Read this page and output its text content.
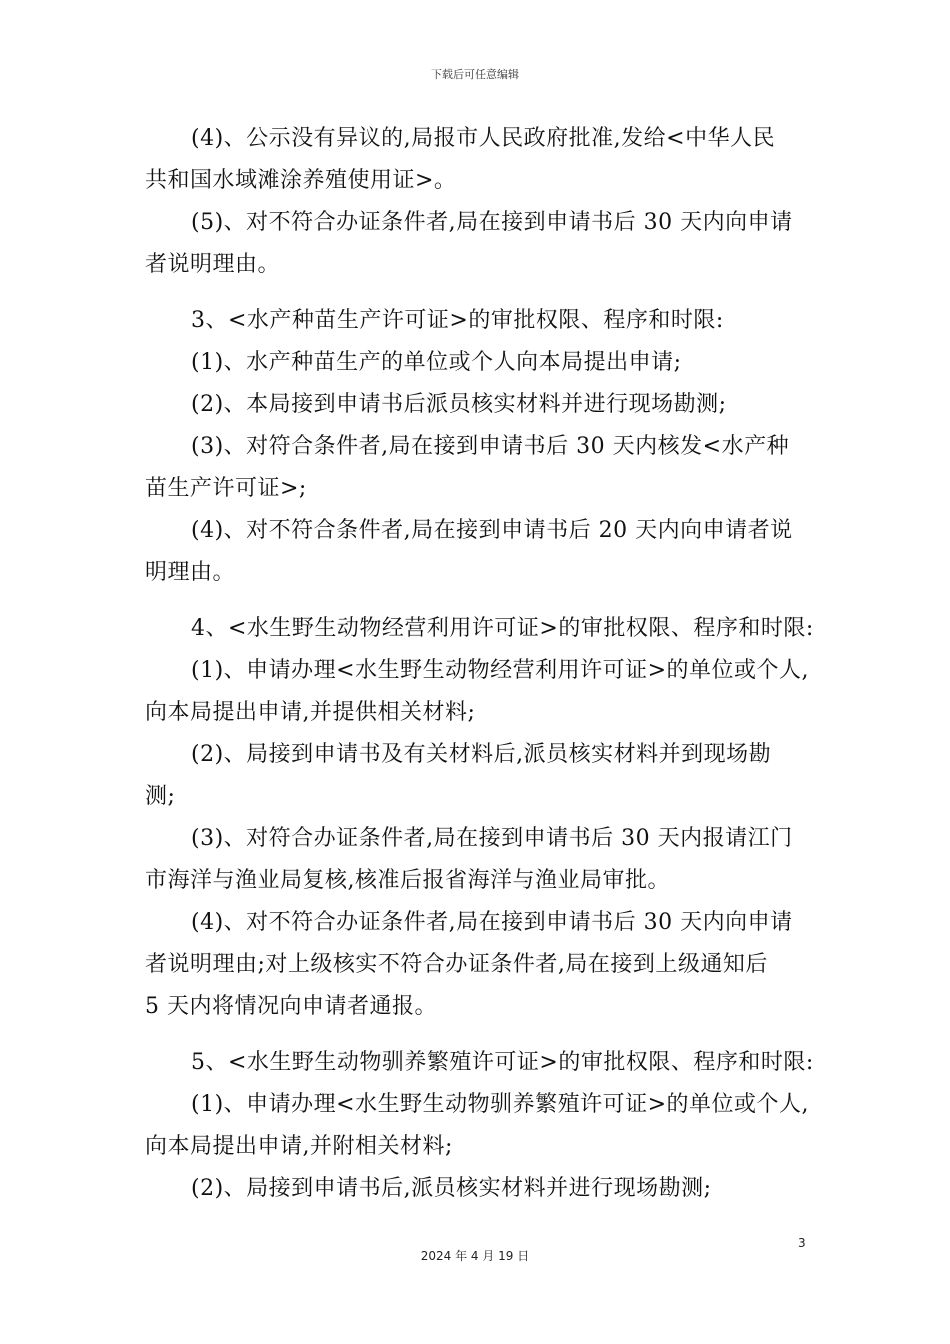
下载后可任意编辑
(4)、公示没有异议的,局报市人民政府批准,发给<中华人民
共和国水域滩涂养殖使用证>。
(5)、对不符合办证条件者,局在接到申请书后 30 天内向申请
者说明理由。
3、<水产种苗生产许可证>的审批权限、程序和时限:
(1)、水产种苗生产的单位或个人向本局提出申请;
(2)、本局接到申请书后派员核实材料并进行现场勘测;
(3)、对符合条件者,局在接到申请书后 30 天内核发<水产种
苗生产许可证>;
(4)、对不符合条件者,局在接到申请书后 20 天内向申请者说
明理由。
4、<水生野生动物经营利用许可证>的审批权限、程序和时限:
(1)、申请办理<水生野生动物经营利用许可证>的单位或个人,
向本局提出申请,并提供相关材料;
(2)、局接到申请书及有关材料后,派员核实材料并到现场勘
测;
(3)、对符合办证条件者,局在接到申请书后 30 天内报请江门
市海洋与渔业局复核,核准后报省海洋与渔业局审批。
(4)、对不符合办证条件者,局在接到申请书后 30 天内向申请
者说明理由;对上级核实不符合办证条件者,局在接到上级通知后
5 天内将情况向申请者通报。
5、<水生野生动物驯养繁殖许可证>的审批权限、程序和时限:
(1)、申请办理<水生野生动物驯养繁殖许可证>的单位或个人,
向本局提出申请,并附相关材料;
(2)、局接到申请书后,派员核实材料并进行现场勘测;
3
2024 年 4 月 19 日
